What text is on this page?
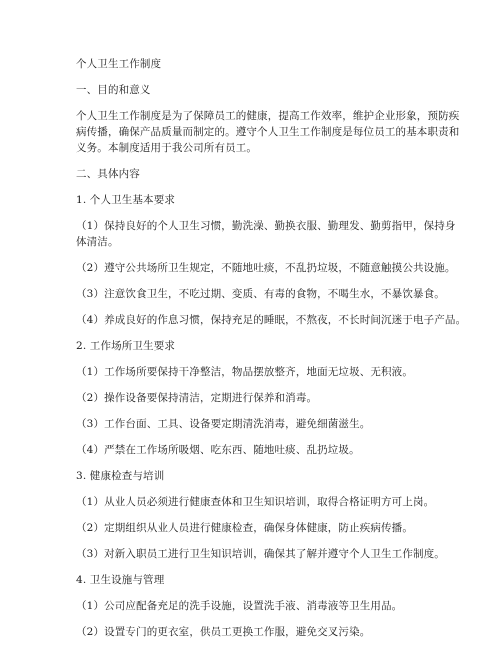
个人卫生工作制度
一、目的和意义
个人卫生工作制度是为了保障员工的健康，提高工作效率，维护企业形象，预防疾
病传播，确保产品质量而制定的。遵守个人卫生工作制度是每位员工的基本职责和
义务。本制度适用于我公司所有员工。
二、具体内容
1. 个人卫生基本要求
（1）保持良好的个人卫生习惯，勤洗澡、勤换衣服、勤理发、勤剪指甲，保持身
体清洁。
（2）遵守公共场所卫生规定，不随地吐痰，不乱扔垃圾，不随意触摸公共设施。
（3）注意饮食卫生，不吃过期、变质、有毒的食物，不喝生水，不暴饮暴食。
（4）养成良好的作息习惯，保持充足的睡眠，不熬夜，不长时间沉迷于电子产品。
2. 工作场所卫生要求
（1）工作场所要保持干净整洁，物品摆放整齐，地面无垃圾、无积液。
（2）操作设备要保持清洁，定期进行保养和消毒。
（3）工作台面、工具、设备要定期清洗消毒，避免细菌滋生。
（4）严禁在工作场所吸烟、吃东西、随地吐痰、乱扔垃圾。
3. 健康检查与培训
（1）从业人员必须进行健康查体和卫生知识培训，取得合格证明方可上岗。
（2）定期组织从业人员进行健康检查，确保身体健康，防止疾病传播。
（3）对新入职员工进行卫生知识培训，确保其了解并遵守个人卫生工作制度。
4. 卫生设施与管理
（1）公司应配备充足的洗手设施，设置洗手液、消毒液等卫生用品。
（2）设置专门的更衣室，供员工更换工作服，避免交叉污染。
